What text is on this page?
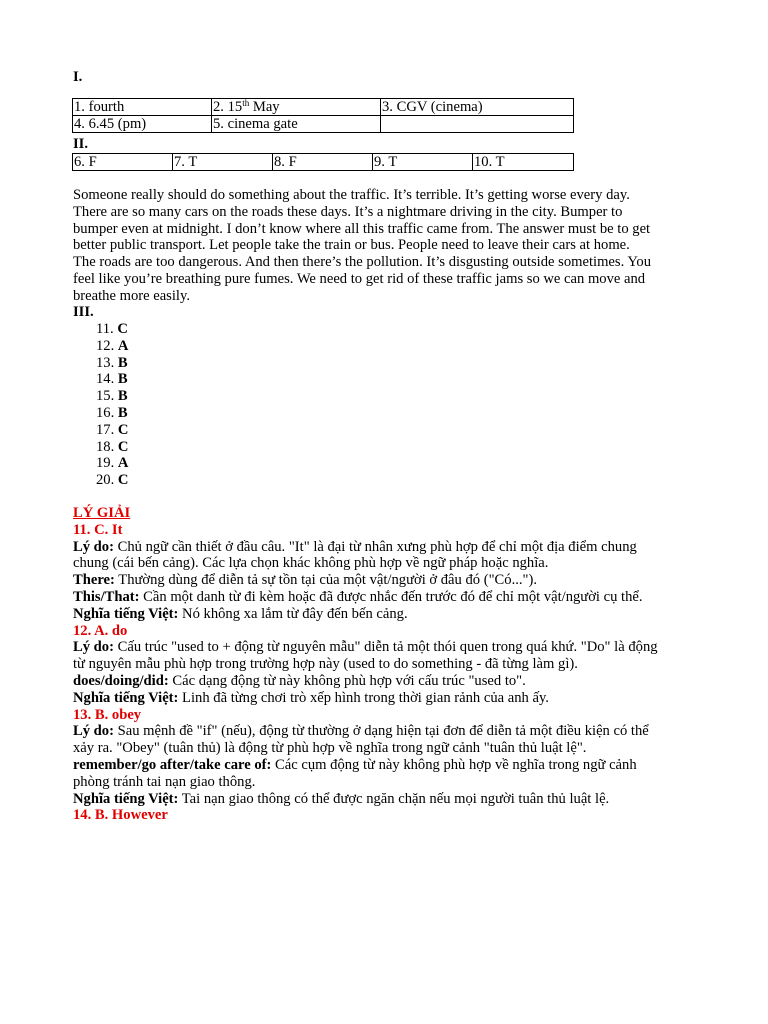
I.
1. fourth	2. 15th May	3. CGV (cinema)
4. 6.45 (pm)	5. cinema gate	
II.
6. F	7. T	8. F	9. T	10. T

Someone really should do something about the traffic. It’s terrible. It’s getting worse every day. There are so many cars on the roads these days. It’s a nightmare driving in the city. Bumper to bumper even at midnight. I don’t know where all this traffic came from. The answer must be to get better public transport. Let people take the train or bus. People need to leave their cars at home. The roads are too dangerous. And then there’s the pollution. It’s disgusting outside sometimes. You feel like you’re breathing pure fumes. We need to get rid of these traffic jams so we can move and breathe more easily.

III.
11. C
12. A
13. B
14. B
15. B
16. B
17. C
18. C
19. A
20. C

LÝ GIẢI

11. C. It

Lý do: Chủ ngữ cần thiết ở đầu câu. "It" là đại từ nhân xưng phù hợp để chỉ một địa điểm chung chung (cái bến cảng). Các lựa chọn khác không phù hợp về ngữ pháp hoặc nghĩa.

There: Thường dùng để diễn tả sự tồn tại của một vật/người ở đâu đó ("Có...").

This/That: Cần một danh từ đi kèm hoặc đã được nhắc đến trước đó để chỉ một vật/người cụ thể.

Nghĩa tiếng Việt: Nó không xa lắm từ đây đến bến cảng.

12. A. do

Lý do: Cấu trúc "used to + động từ nguyên mẫu" diễn tả một thói quen trong quá khứ. "Do" là động từ nguyên mẫu phù hợp trong trường hợp này (used to do something - đã từng làm gì).

does/doing/did: Các dạng động từ này không phù hợp với cấu trúc "used to".

Nghĩa tiếng Việt: Linh đã từng chơi trò xếp hình trong thời gian rảnh của anh ấy.

13. B. obey

Lý do: Sau mệnh đề "if" (nếu), động từ thường ở dạng hiện tại đơn để diễn tả một điều kiện có thể xảy ra. "Obey" (tuân thủ) là động từ phù hợp về nghĩa trong ngữ cảnh "tuân thủ luật lệ".

remember/go after/take care of: Các cụm động từ này không phù hợp về nghĩa trong ngữ cảnh phòng tránh tai nạn giao thông.

Nghĩa tiếng Việt: Tai nạn giao thông có thể được ngăn chặn nếu mọi người tuân thủ luật lệ.

14. B. However
